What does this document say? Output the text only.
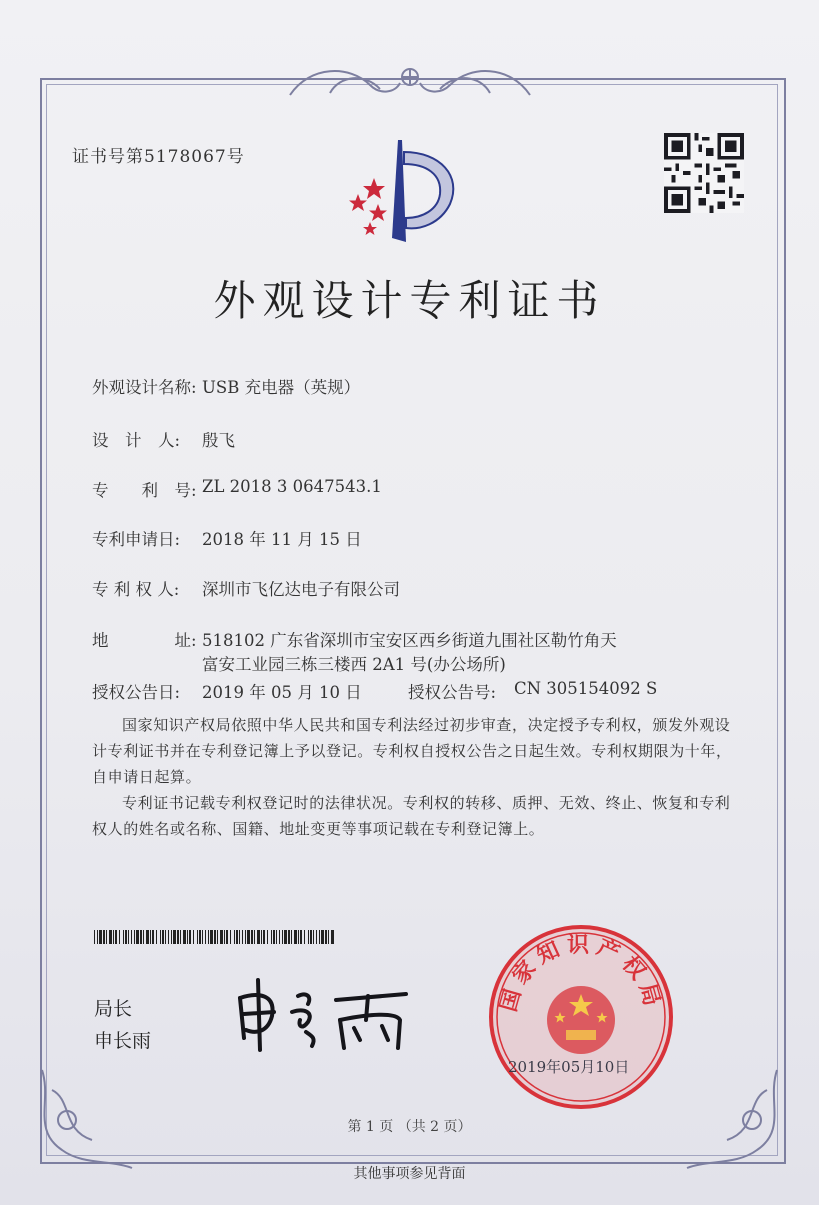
证书号第5178067号
外观设计专利证书
外观设计名称: USB 充电器（英规）
设　计　人: 殷飞
专　　利　号: ZL 2018 3 0647543.1
专利申请日: 2018 年 11 月 15 日
专 利 权 人: 深圳市飞亿达电子有限公司
地　　　　址: 518102 广东省深圳市宝安区西乡街道九围社区勒竹角天
富安工业园三栋三楼西 2A1 号(办公场所)
授权公告日: 2019 年 05 月 10 日	授权公告号: CN 305154092 S
国家知识产权局依照中华人民共和国专利法经过初步审查，决定授予专利权，颁发外观设计专利证书并在专利登记簿上予以登记。专利权自授权公告之日起生效。专利权期限为十年，自申请日起算。
专利证书记载专利权登记时的法律状况。专利权的转移、质押、无效、终止、恢复和专利权人的姓名或名称、国籍、地址变更等事项记载在专利登记簿上。
局长
申长雨
国家知识产权局
2019年05月10日
第 1 页 （共 2 页）
其他事项参见背面
